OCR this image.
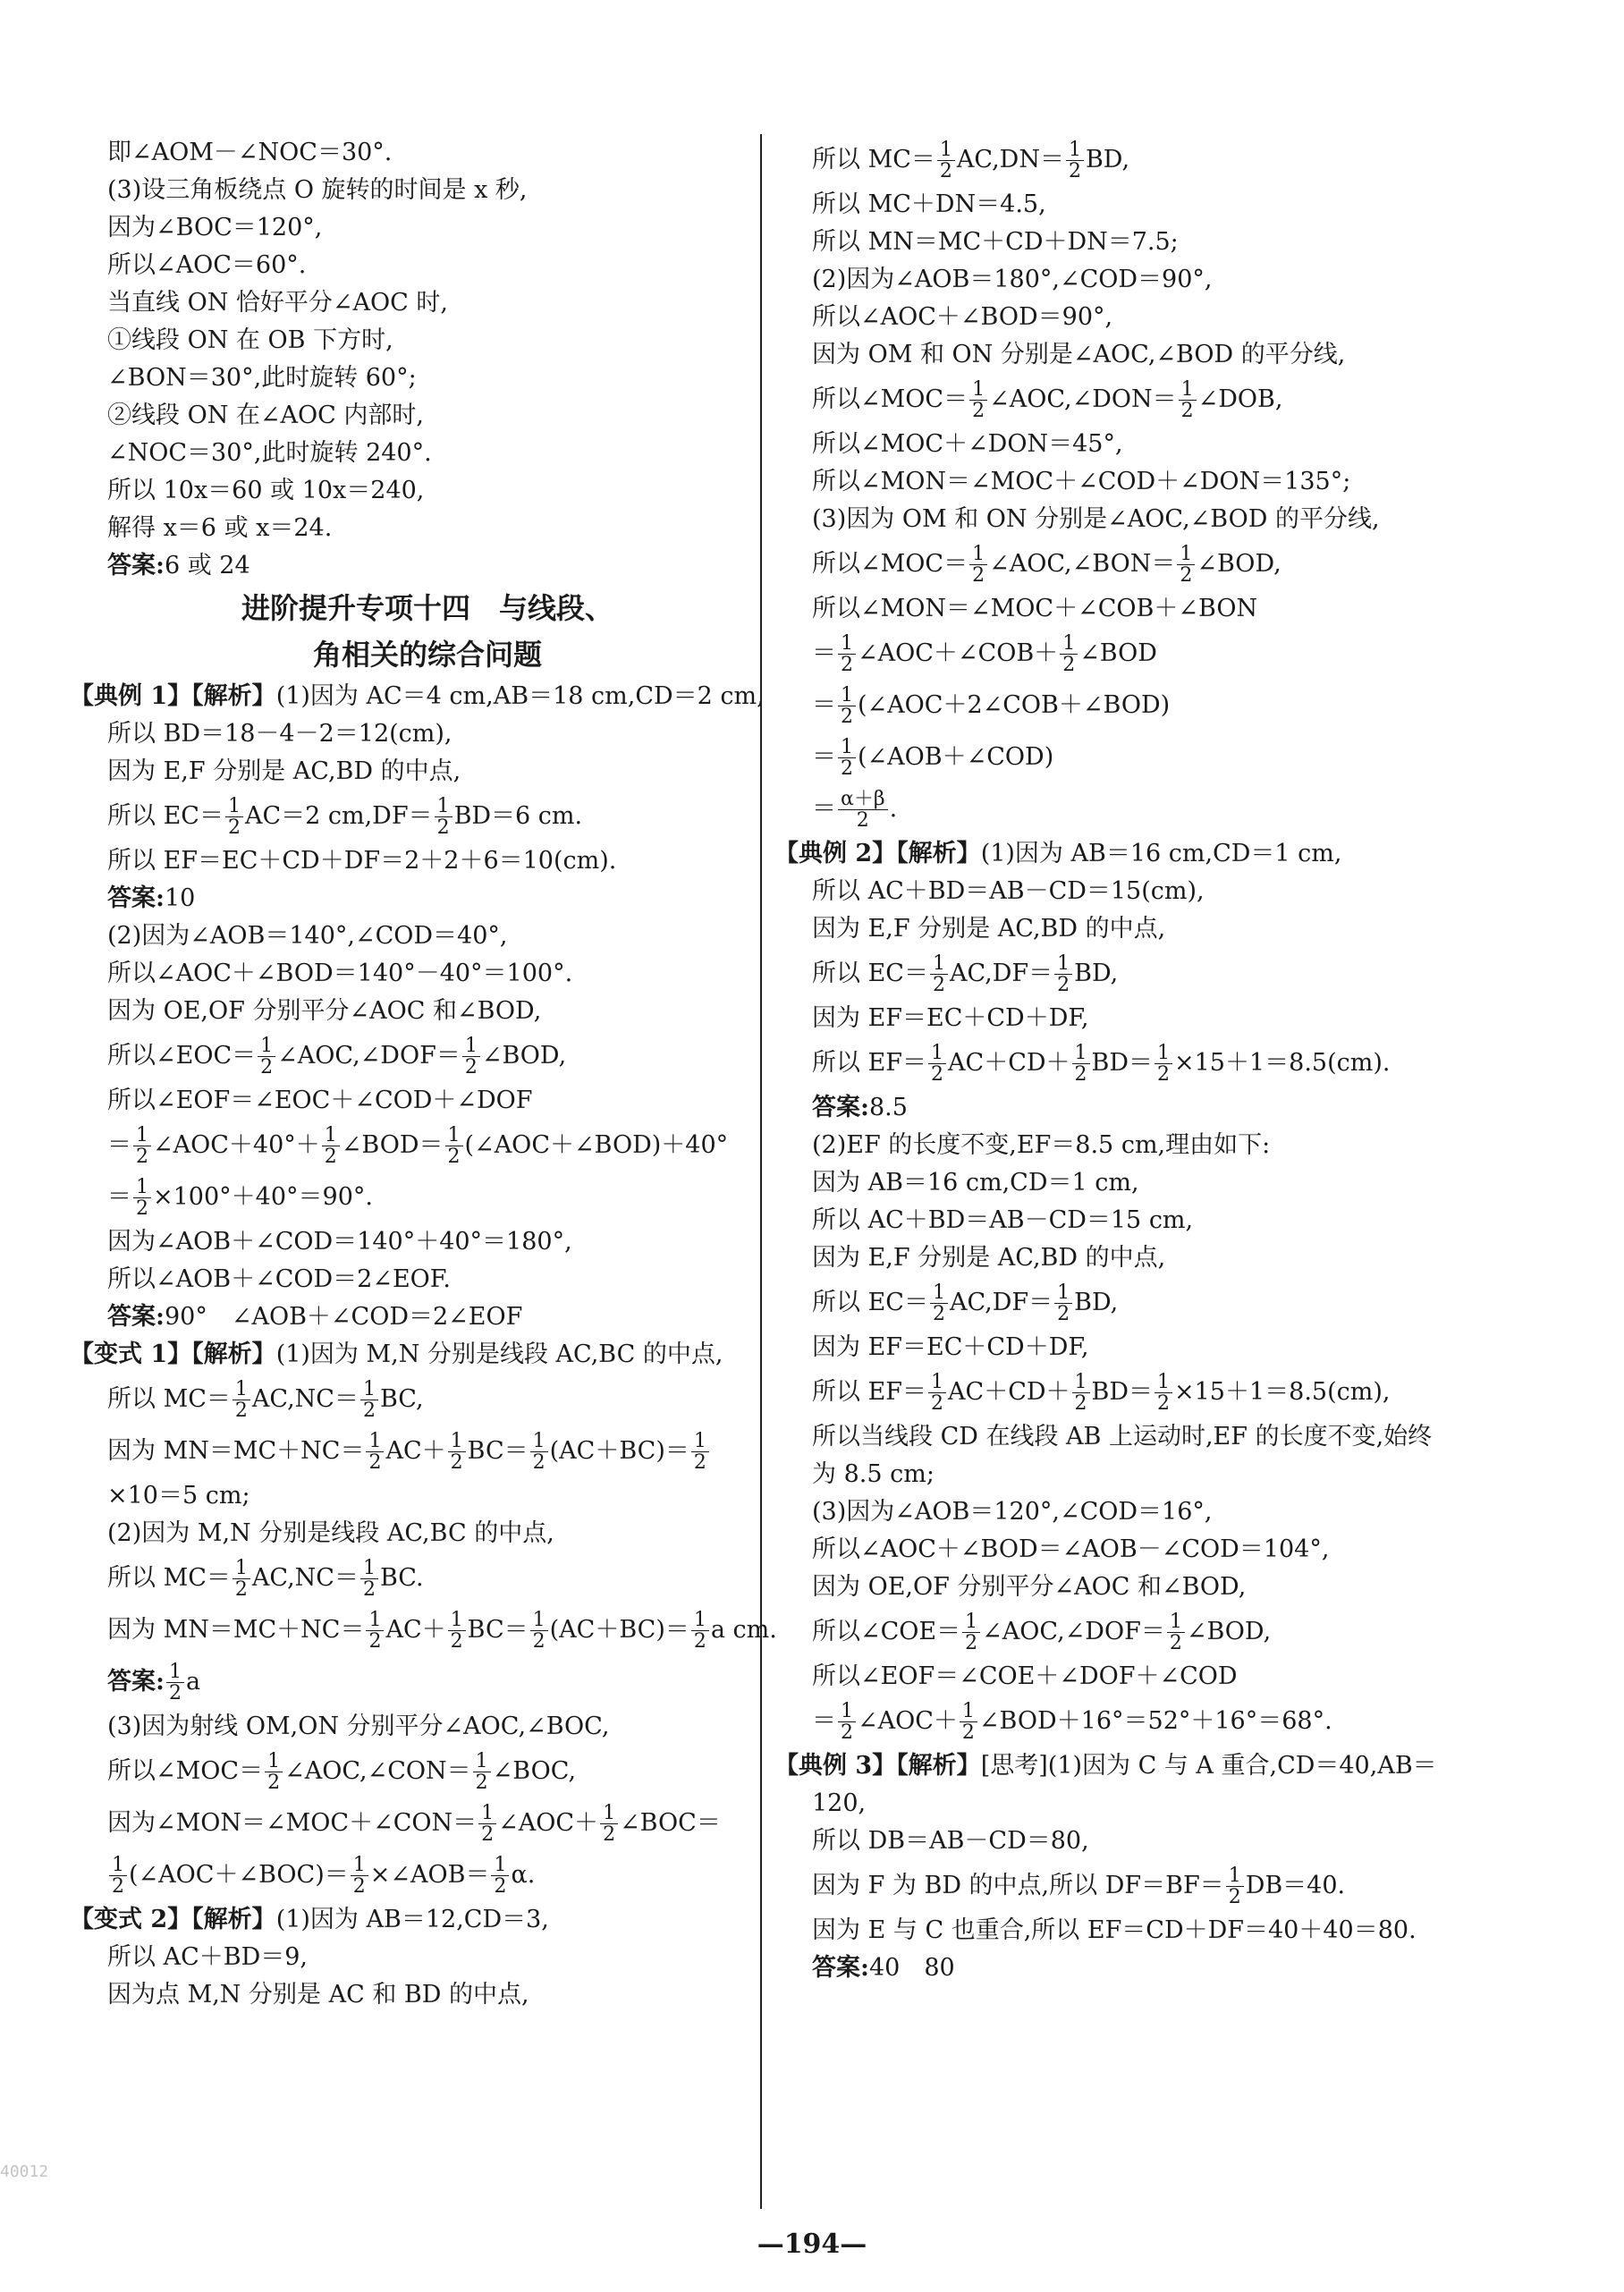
即∠AOM－∠NOC＝30°.
(3)设三角板绕点 O 旋转的时间是 x 秒,
因为∠BOC＝120°,
所以∠AOC＝60°.
当直线 ON 恰好平分∠AOC 时,
①线段 ON 在 OB 下方时,
∠BON＝30°,此时旋转 60°;
②线段 ON 在∠AOC 内部时,
∠NOC＝30°,此时旋转 240°.
所以 10x＝60 或 10x＝240,
解得 x＝6 或 x＝24.
答案:6 或 24
进阶提升专项十四　与线段、
角相关的综合问题
【典例 1】【解析】(1)因为 AC＝4 cm,AB＝18 cm,CD＝2 cm,
所以 BD＝18－4－2＝12(cm),
因为 E,F 分别是 AC,BD 的中点,
所以 $EC= \frac{1}{2} AC=2$ $cm,DF= \frac{1}{2} BD=6$ cm.
所以 EF＝EC＋CD＋DF＝2＋2＋6＝10(cm).
答案:10
(2)因为∠AOB＝140°,∠COD＝40°,
所以∠AOC＋∠BOD＝140°－40°＝100°.
因为 OE,OF 分别平分∠AOC 和∠BOD,
所以∠EOC＝ $\frac{1}{2}$ ∠AOC,∠DOF＝ $\frac{1}{2}$ ∠BOD,
所以∠EOF＝∠EOC＋∠COD＋∠DOF
＝ $\frac{1}{2}$ ∠AOC＋40°＋ $\frac{1}{2}$ ∠BOD＝ $\frac{1}{2}$ (∠AOC＋∠BOD)＋40°
＝ $\frac{1}{2} \times 100^\circ+40^\circ=90^\circ$.
因为∠AOB＋∠COD＝140°＋40°＝180°,
所以∠AOB＋∠COD＝2∠EOF.
答案:90°　∠AOB＋∠COD＝2∠EOF
【变式 1】【解析】(1)因为 M,N 分别是线段 AC,BC 的中点,
所以 $MC= \frac{1}{2} AC,NC= \frac{1}{2}$ BC,
因为 $MN=MC+NC= \frac{1}{2} AC+ \frac{1}{2} BC= \frac{1}{2} (AC+BC)= \frac{1}{2}$
×10＝5 cm;
(2)因为 M,N 分别是线段 AC,BC 的中点,
所以 $MC= \frac{1}{2} AC,NC= \frac{1}{2}$ BC.
因为 $MN=MC+NC= \frac{1}{2} AC+ \frac{1}{2} BC= \frac{1}{2} (AC+BC)= \frac{1}{2}$ a cm.
答案: $\frac{1}{2}$ a
(3)因为射线 OM,ON 分别平分∠AOC,∠BOC,
所以∠MOC＝ $\frac{1}{2}$ ∠AOC,∠CON＝ $\frac{1}{2}$ ∠BOC,
因为∠MON＝∠MOC＋∠CON＝ $\frac{1}{2}$ ∠AOC＋ $\frac{1}{2}$ ∠BOC＝
$\frac{1}{2}$ (∠AOC＋∠BOC)＝ $\frac{1}{2}$ ×∠AOB＝ $\frac{1}{2} \alpha$.
【变式 2】【解析】(1)因为 AB＝12,CD＝3,
所以 AC＋BD＝9,
因为点 M,N 分别是 AC 和 BD 的中点,
所以 $MC= \frac{1}{2} AC,DN= \frac{1}{2}$ BD,
所以 MC＋DN＝4.5,
所以 MN＝MC＋CD＋DN＝7.5;
(2)因为∠AOB＝180°,∠COD＝90°,
所以∠AOC＋∠BOD＝90°,
因为 OM 和 ON 分别是∠AOC,∠BOD 的平分线,
所以∠MOC＝ $\frac{1}{2}$ ∠AOC,∠DON＝ $\frac{1}{2}$ ∠DOB,
所以∠MOC＋∠DON＝45°,
所以∠MON＝∠MOC＋∠COD＋∠DON＝135°;
(3)因为 OM 和 ON 分别是∠AOC,∠BOD 的平分线,
所以∠MOC＝ $\frac{1}{2}$ ∠AOC,∠BON＝ $\frac{1}{2}$ ∠BOD,
所以∠MON＝∠MOC＋∠COB＋∠BON
＝ $\frac{1}{2}$ ∠AOC＋∠COB＋ $\frac{1}{2}$ ∠BOD
＝ $\frac{1}{2}$ (∠AOC＋2∠COB＋∠BOD)
＝ $\frac{1}{2}$ (∠AOB＋∠COD)
＝ $\frac{\alpha+\beta}{2}$ .
【典例 2】【解析】(1)因为 AB＝16 cm,CD＝1 cm,
所以 AC＋BD＝AB－CD＝15(cm),
因为 E,F 分别是 AC,BD 的中点,
所以 $EC= \frac{1}{2} AC,DF= \frac{1}{2}$ BD,
因为 EF＝EC＋CD＋DF,
所以 $EF= \frac{1}{2} AC+CD+ \frac{1}{2} BD= \frac{1}{2} \times 15+1=8.5(cm)$.
答案:8.5
(2)EF 的长度不变,EF＝8.5 cm,理由如下:
因为 AB＝16 cm,CD＝1 cm,
所以 AC＋BD＝AB－CD＝15 cm,
因为 E,F 分别是 AC,BD 的中点,
所以 $EC= \frac{1}{2} AC,DF= \frac{1}{2}$ BD,
因为 EF＝EC＋CD＋DF,
所以 $EF= \frac{1}{2} AC+CD+ \frac{1}{2} BD= \frac{1}{2} \times 15+1=8.5(cm)$,
所以当线段 CD 在线段 AB 上运动时,EF 的长度不变,始终
为 8.5 cm;
(3)因为∠AOB＝120°,∠COD＝16°,
所以∠AOC＋∠BOD＝∠AOB－∠COD＝104°,
因为 OE,OF 分别平分∠AOC 和∠BOD,
所以∠COE＝ $\frac{1}{2}$ ∠AOC,∠DOF＝ $\frac{1}{2}$ ∠BOD,
所以∠EOF＝∠COE＋∠DOF＋∠COD
＝ $\frac{1}{2}$ ∠AOC＋ $\frac{1}{2}$ ∠BOD＋16°＝52°＋16°＝68°.
【典例 3】【解析】[思考](1)因为 C 与 A 重合,CD＝40,AB＝
120,
所以 DB＝AB－CD＝80,
因为 F 为 BD 的中点,所以 $DF=BF= \frac{1}{2} DB=40$.
因为 E 与 C 也重合,所以 EF＝CD＋DF＝40＋40＝80.
答案:40　80
40012
—194—
